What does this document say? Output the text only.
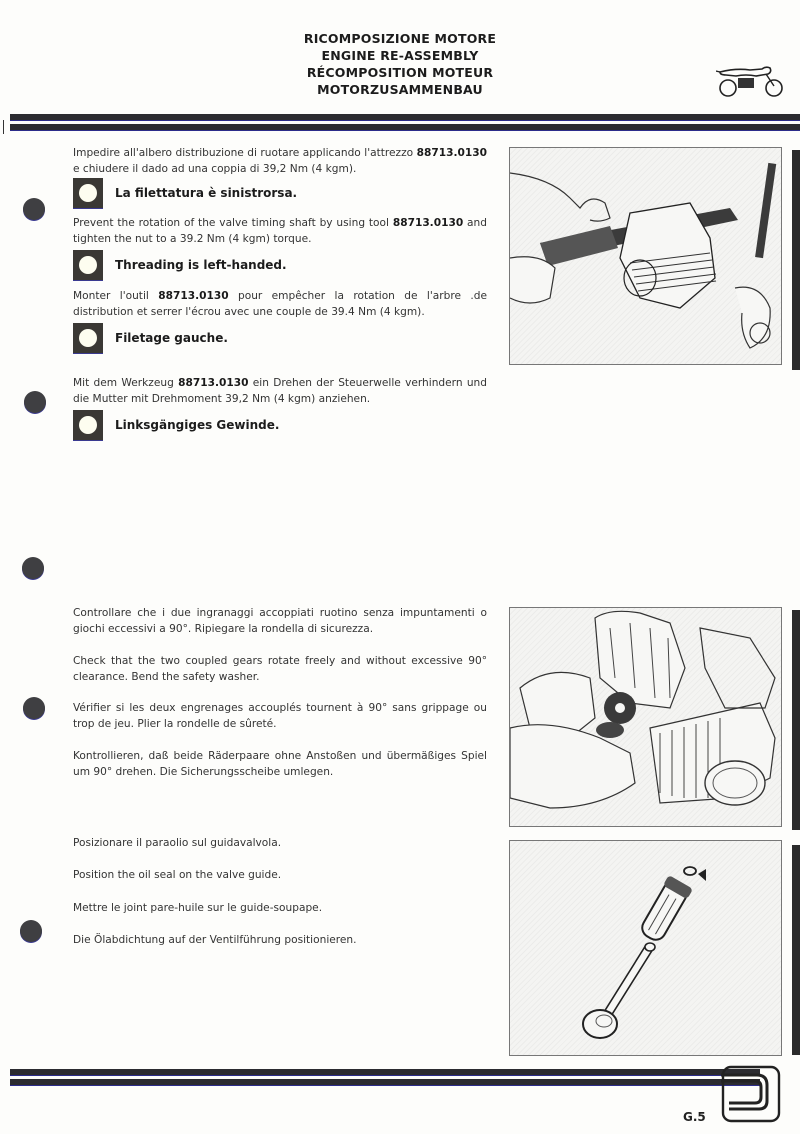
RICOMPOSIZIONE MOTORE
ENGINE RE-ASSEMBLY
RÉCOMPOSITION MOTEUR
MOTORZUSAMMENBAU
Impedire all'albero distribuzione di ruotare applicando l'attrezzo 88713.0130 e chiudere il dado ad una coppia di 39,2 Nm (4 kgm).
La filettatura è sinistrorsa.
Prevent the rotation of the valve timing shaft by using tool 88713.0130 and tighten the nut to a 39.2 Nm (4 kgm) torque.
Threading is left-handed.
Monter l'outil 88713.0130 pour empêcher la rotation de l'arbre .de distribution et serrer l'écrou avec une couple de 39.4 Nm (4 kgm).
Filetage gauche.
Mit dem Werkzeug 88713.0130 ein Drehen der Steuerwelle verhindern und die Mutter mit Drehmoment 39,2 Nm (4 kgm) anziehen.
Linksgängiges Gewinde.
Controllare che i due ingranaggi accoppiati ruotino senza impuntamenti o giochi eccessivi a 90°. Ripiegare la rondella di sicurezza.
Check that the two coupled gears rotate freely and without excessive 90° clearance. Bend the safety washer.
Vérifier si les deux engrenages accouplés tournent à 90° sans grippage ou trop de jeu. Plier la rondelle de sûreté.
Kontrollieren, daß beide Räderpaare ohne Anstoßen und übermäßiges Spiel um 90° drehen. Die Sicherungsscheibe umlegen.
Posizionare il paraolio sul guidavalvola.
Position the oil seal on the valve guide.
Mettre le joint pare-huile sur le guide-soupape.
Die Ölabdichtung auf der Ventilführung positionieren.
G.5
